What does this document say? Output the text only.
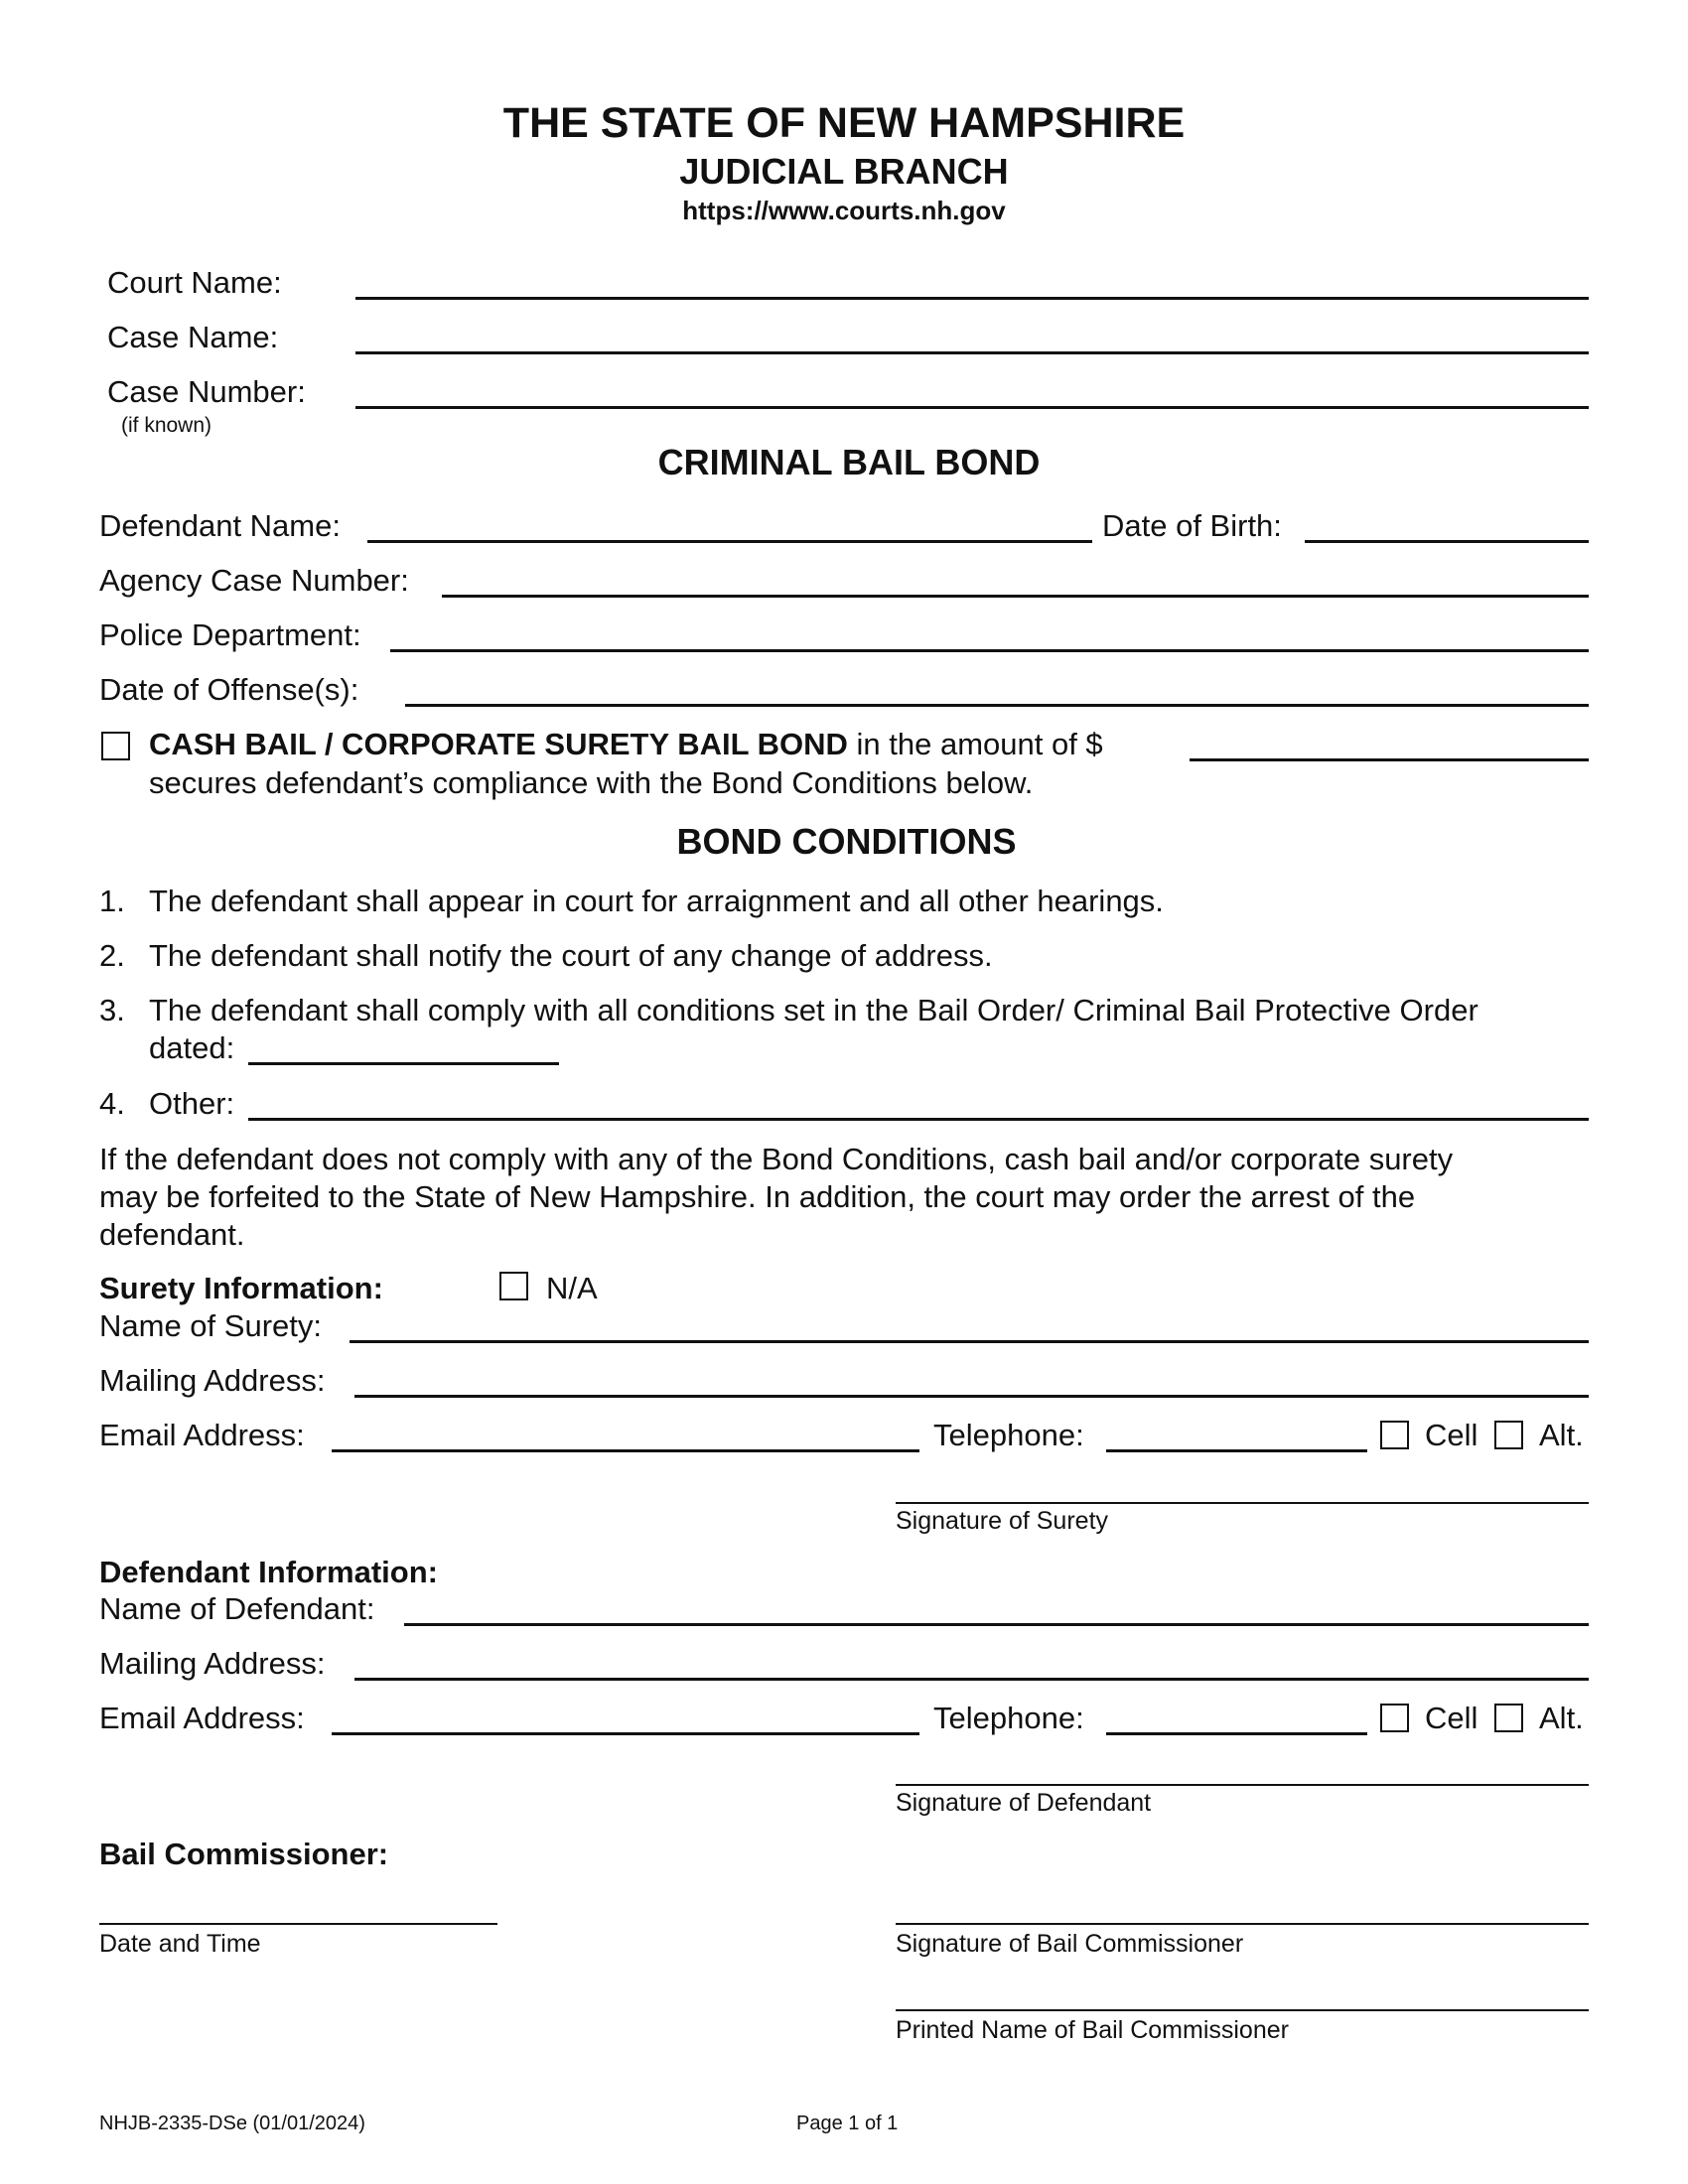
THE STATE OF NEW HAMPSHIRE
JUDICIAL BRANCH
https://www.courts.nh.gov
Court Name:
Case Name:
Case Number:
(if known)
CRIMINAL BAIL BOND
Defendant Name:	Date of Birth:
Agency Case Number:
Police Department:
Date of Offense(s):
CASH BAIL / CORPORATE SURETY BAIL BOND in the amount of $
secures defendant’s compliance with the Bond Conditions below.
BOND CONDITIONS
1. The defendant shall appear in court for arraignment and all other hearings.
2. The defendant shall notify the court of any change of address.
3. The defendant shall comply with all conditions set in the Bail Order/ Criminal Bail Protective Order
dated:
4. Other:
If the defendant does not comply with any of the Bond Conditions, cash bail and/or corporate surety
may be forfeited to the State of New Hampshire. In addition, the court may order the arrest of the
defendant.
Surety Information:	N/A
Name of Surety:
Mailing Address:
Email Address:	Telephone:	Cell Alt.
Signature of Surety
Defendant Information:
Name of Defendant:
Mailing Address:
Email Address:	Telephone:	Cell Alt.
Signature of Defendant
Bail Commissioner:
Date and Time	Signature of Bail Commissioner
Printed Name of Bail Commissioner
NHJB-2335-DSe (01/01/2024)	Page 1 of 1
